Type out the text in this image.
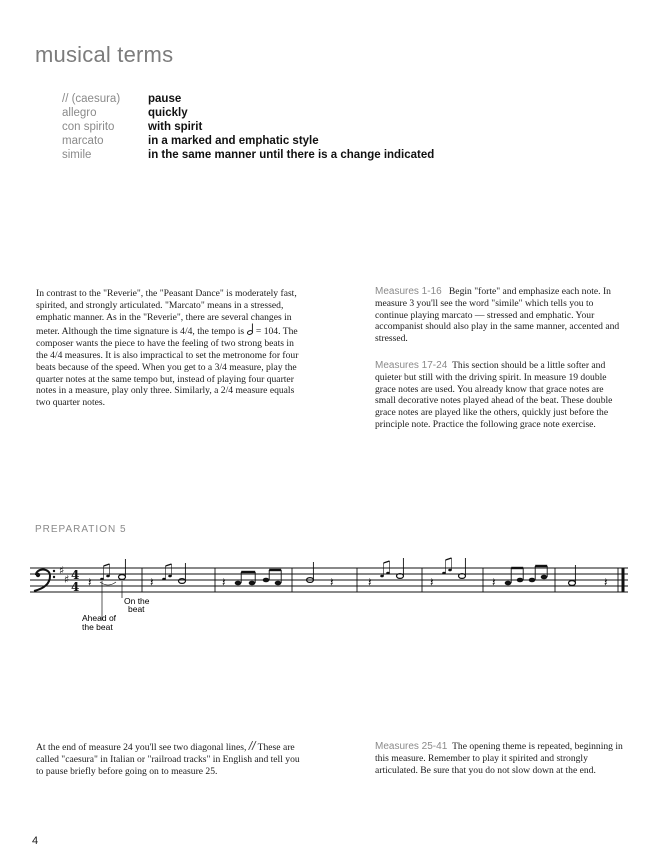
musical terms
// (caesura)	pause
allegro	quickly
con spirito	with spirit
marcato	in a marked and emphatic style
simile	in the same manner until there is a change indicated

In contrast to the "Reverie", the "Peasant Dance" is moderately fast, spirited, and strongly articulated. "Marcato" means in a stressed, emphatic manner. As in the "Reverie", there are several changes in meter. Although the time signature is 4/4, the tempo is  = 104. The composer wants the piece to have the feeling of two strong beats in the 4/4 measures. It is also impractical to set the metronome for four beats because of the speed. When you get to a 3/4 measure, play the quarter notes at the same tempo but, instead of playing four quarter notes in a measure, play only three. Similarly, a 2/4 measure equals two quarter notes.

Measures 1-16 Begin "forte" and emphasize each note. In measure 3 you'll see the word "simile" which tells you to continue playing marcato — stressed and emphatic. Your accompanist should also play in the same manner, accented and stressed.

Measures 17-24 This section should be a little softer and quieter but still with the driving spirit. In measure 19 double grace notes are used. You already know that grace notes are small decorative notes played ahead of the beat. These double grace notes are played like the others, quickly just before the principle note. Practice the following grace note exercise.

PREPARATION 5
♯
♯ 4
4 𝄽	𝄽	𝄽	𝄽	𝄽	𝄽	𝄽	𝄽
On the
beat
Ahead of
the beat

At the end of measure 24 you'll see two diagonal lines, // These are called "caesura" in Italian or "railroad tracks" in English and tell you to pause briefly before going on to measure 25.

Measures 25-41 The opening theme is repeated, beginning in this measure. Remember to play it spirited and strongly articulated. Be sure that you do not slow down at the end.

4
